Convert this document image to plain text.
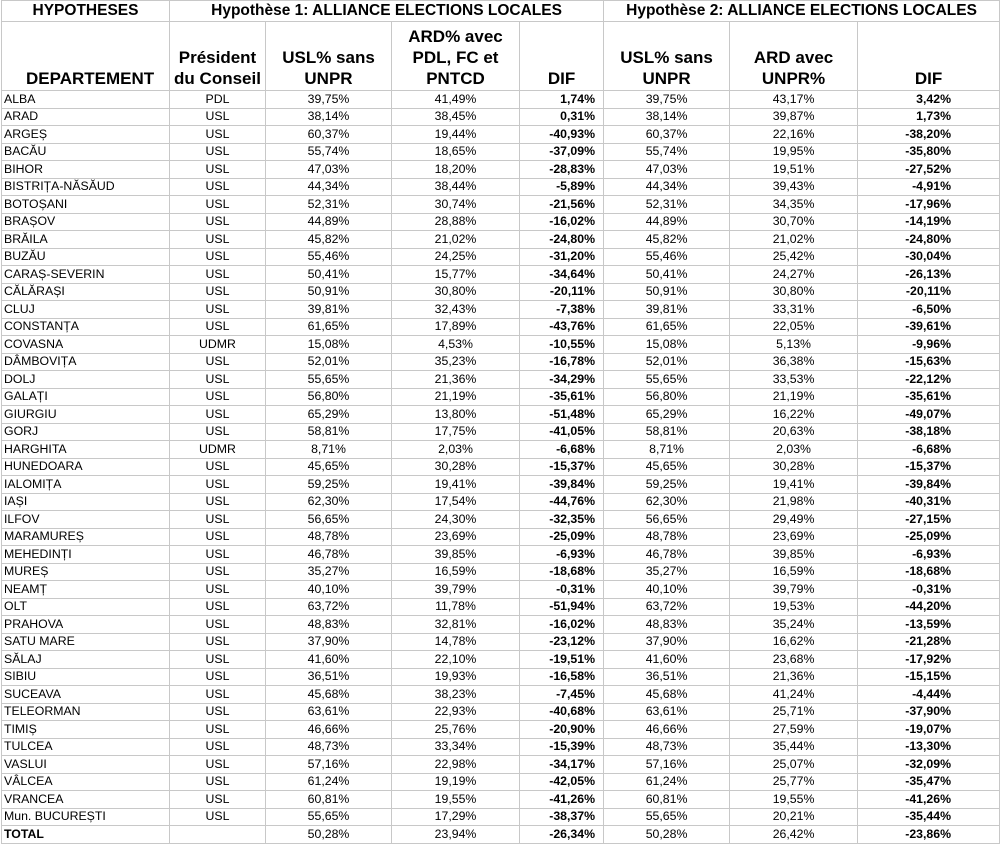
HYPOTHESES	Hypothèse 1: ALLIANCE ELECTIONS LOCALES				Hypothèse 2: ALLIANCE ELECTIONS LOCALES		
DEPARTEMENT	Président du Conseil	USL% sans UNPR	ARD% avec PDL, FC et PNTCD	DIF	USL% sans UNPR	ARD avec UNPR%	DIF
ALBA	PDL	39,75%	41,49%	1,74%	39,75%	43,17%	3,42%
ARAD	USL	38,14%	38,45%	0,31%	38,14%	39,87%	1,73%
ARGEȘ	USL	60,37%	19,44%	-40,93%	60,37%	22,16%	-38,20%
BACĂU	USL	55,74%	18,65%	-37,09%	55,74%	19,95%	-35,80%
BIHOR	USL	47,03%	18,20%	-28,83%	47,03%	19,51%	-27,52%
BISTRIȚA-NĂSĂUD	USL	44,34%	38,44%	-5,89%	44,34%	39,43%	-4,91%
BOTOȘANI	USL	52,31%	30,74%	-21,56%	52,31%	34,35%	-17,96%
BRAȘOV	USL	44,89%	28,88%	-16,02%	44,89%	30,70%	-14,19%
BRĂILA	USL	45,82%	21,02%	-24,80%	45,82%	21,02%	-24,80%
BUZĂU	USL	55,46%	24,25%	-31,20%	55,46%	25,42%	-30,04%
CARAȘ-SEVERIN	USL	50,41%	15,77%	-34,64%	50,41%	24,27%	-26,13%
CĂLĂRAȘI	USL	50,91%	30,80%	-20,11%	50,91%	30,80%	-20,11%
CLUJ	USL	39,81%	32,43%	-7,38%	39,81%	33,31%	-6,50%
CONSTANȚA	USL	61,65%	17,89%	-43,76%	61,65%	22,05%	-39,61%
COVASNA	UDMR	15,08%	4,53%	-10,55%	15,08%	5,13%	-9,96%
DÂMBOVIȚA	USL	52,01%	35,23%	-16,78%	52,01%	36,38%	-15,63%
DOLJ	USL	55,65%	21,36%	-34,29%	55,65%	33,53%	-22,12%
GALAȚI	USL	56,80%	21,19%	-35,61%	56,80%	21,19%	-35,61%
GIURGIU	USL	65,29%	13,80%	-51,48%	65,29%	16,22%	-49,07%
GORJ	USL	58,81%	17,75%	-41,05%	58,81%	20,63%	-38,18%
HARGHITA	UDMR	8,71%	2,03%	-6,68%	8,71%	2,03%	-6,68%
HUNEDOARA	USL	45,65%	30,28%	-15,37%	45,65%	30,28%	-15,37%
IALOMIȚA	USL	59,25%	19,41%	-39,84%	59,25%	19,41%	-39,84%
IAȘI	USL	62,30%	17,54%	-44,76%	62,30%	21,98%	-40,31%
ILFOV	USL	56,65%	24,30%	-32,35%	56,65%	29,49%	-27,15%
MARAMUREȘ	USL	48,78%	23,69%	-25,09%	48,78%	23,69%	-25,09%
MEHEDINȚI	USL	46,78%	39,85%	-6,93%	46,78%	39,85%	-6,93%
MUREȘ	USL	35,27%	16,59%	-18,68%	35,27%	16,59%	-18,68%
NEAMȚ	USL	40,10%	39,79%	-0,31%	40,10%	39,79%	-0,31%
OLT	USL	63,72%	11,78%	-51,94%	63,72%	19,53%	-44,20%
PRAHOVA	USL	48,83%	32,81%	-16,02%	48,83%	35,24%	-13,59%
SATU MARE	USL	37,90%	14,78%	-23,12%	37,90%	16,62%	-21,28%
SĂLAJ	USL	41,60%	22,10%	-19,51%	41,60%	23,68%	-17,92%
SIBIU	USL	36,51%	19,93%	-16,58%	36,51%	21,36%	-15,15%
SUCEAVA	USL	45,68%	38,23%	-7,45%	45,68%	41,24%	-4,44%
TELEORMAN	USL	63,61%	22,93%	-40,68%	63,61%	25,71%	-37,90%
TIMIȘ	USL	46,66%	25,76%	-20,90%	46,66%	27,59%	-19,07%
TULCEA	USL	48,73%	33,34%	-15,39%	48,73%	35,44%	-13,30%
VASLUI	USL	57,16%	22,98%	-34,17%	57,16%	25,07%	-32,09%
VÂLCEA	USL	61,24%	19,19%	-42,05%	61,24%	25,77%	-35,47%
VRANCEA	USL	60,81%	19,55%	-41,26%	60,81%	19,55%	-41,26%
Mun. BUCUREȘTI	USL	55,65%	17,29%	-38,37%	55,65%	20,21%	-35,44%
TOTAL		50,28%	23,94%	-26,34%	50,28%	26,42%	-23,86%
